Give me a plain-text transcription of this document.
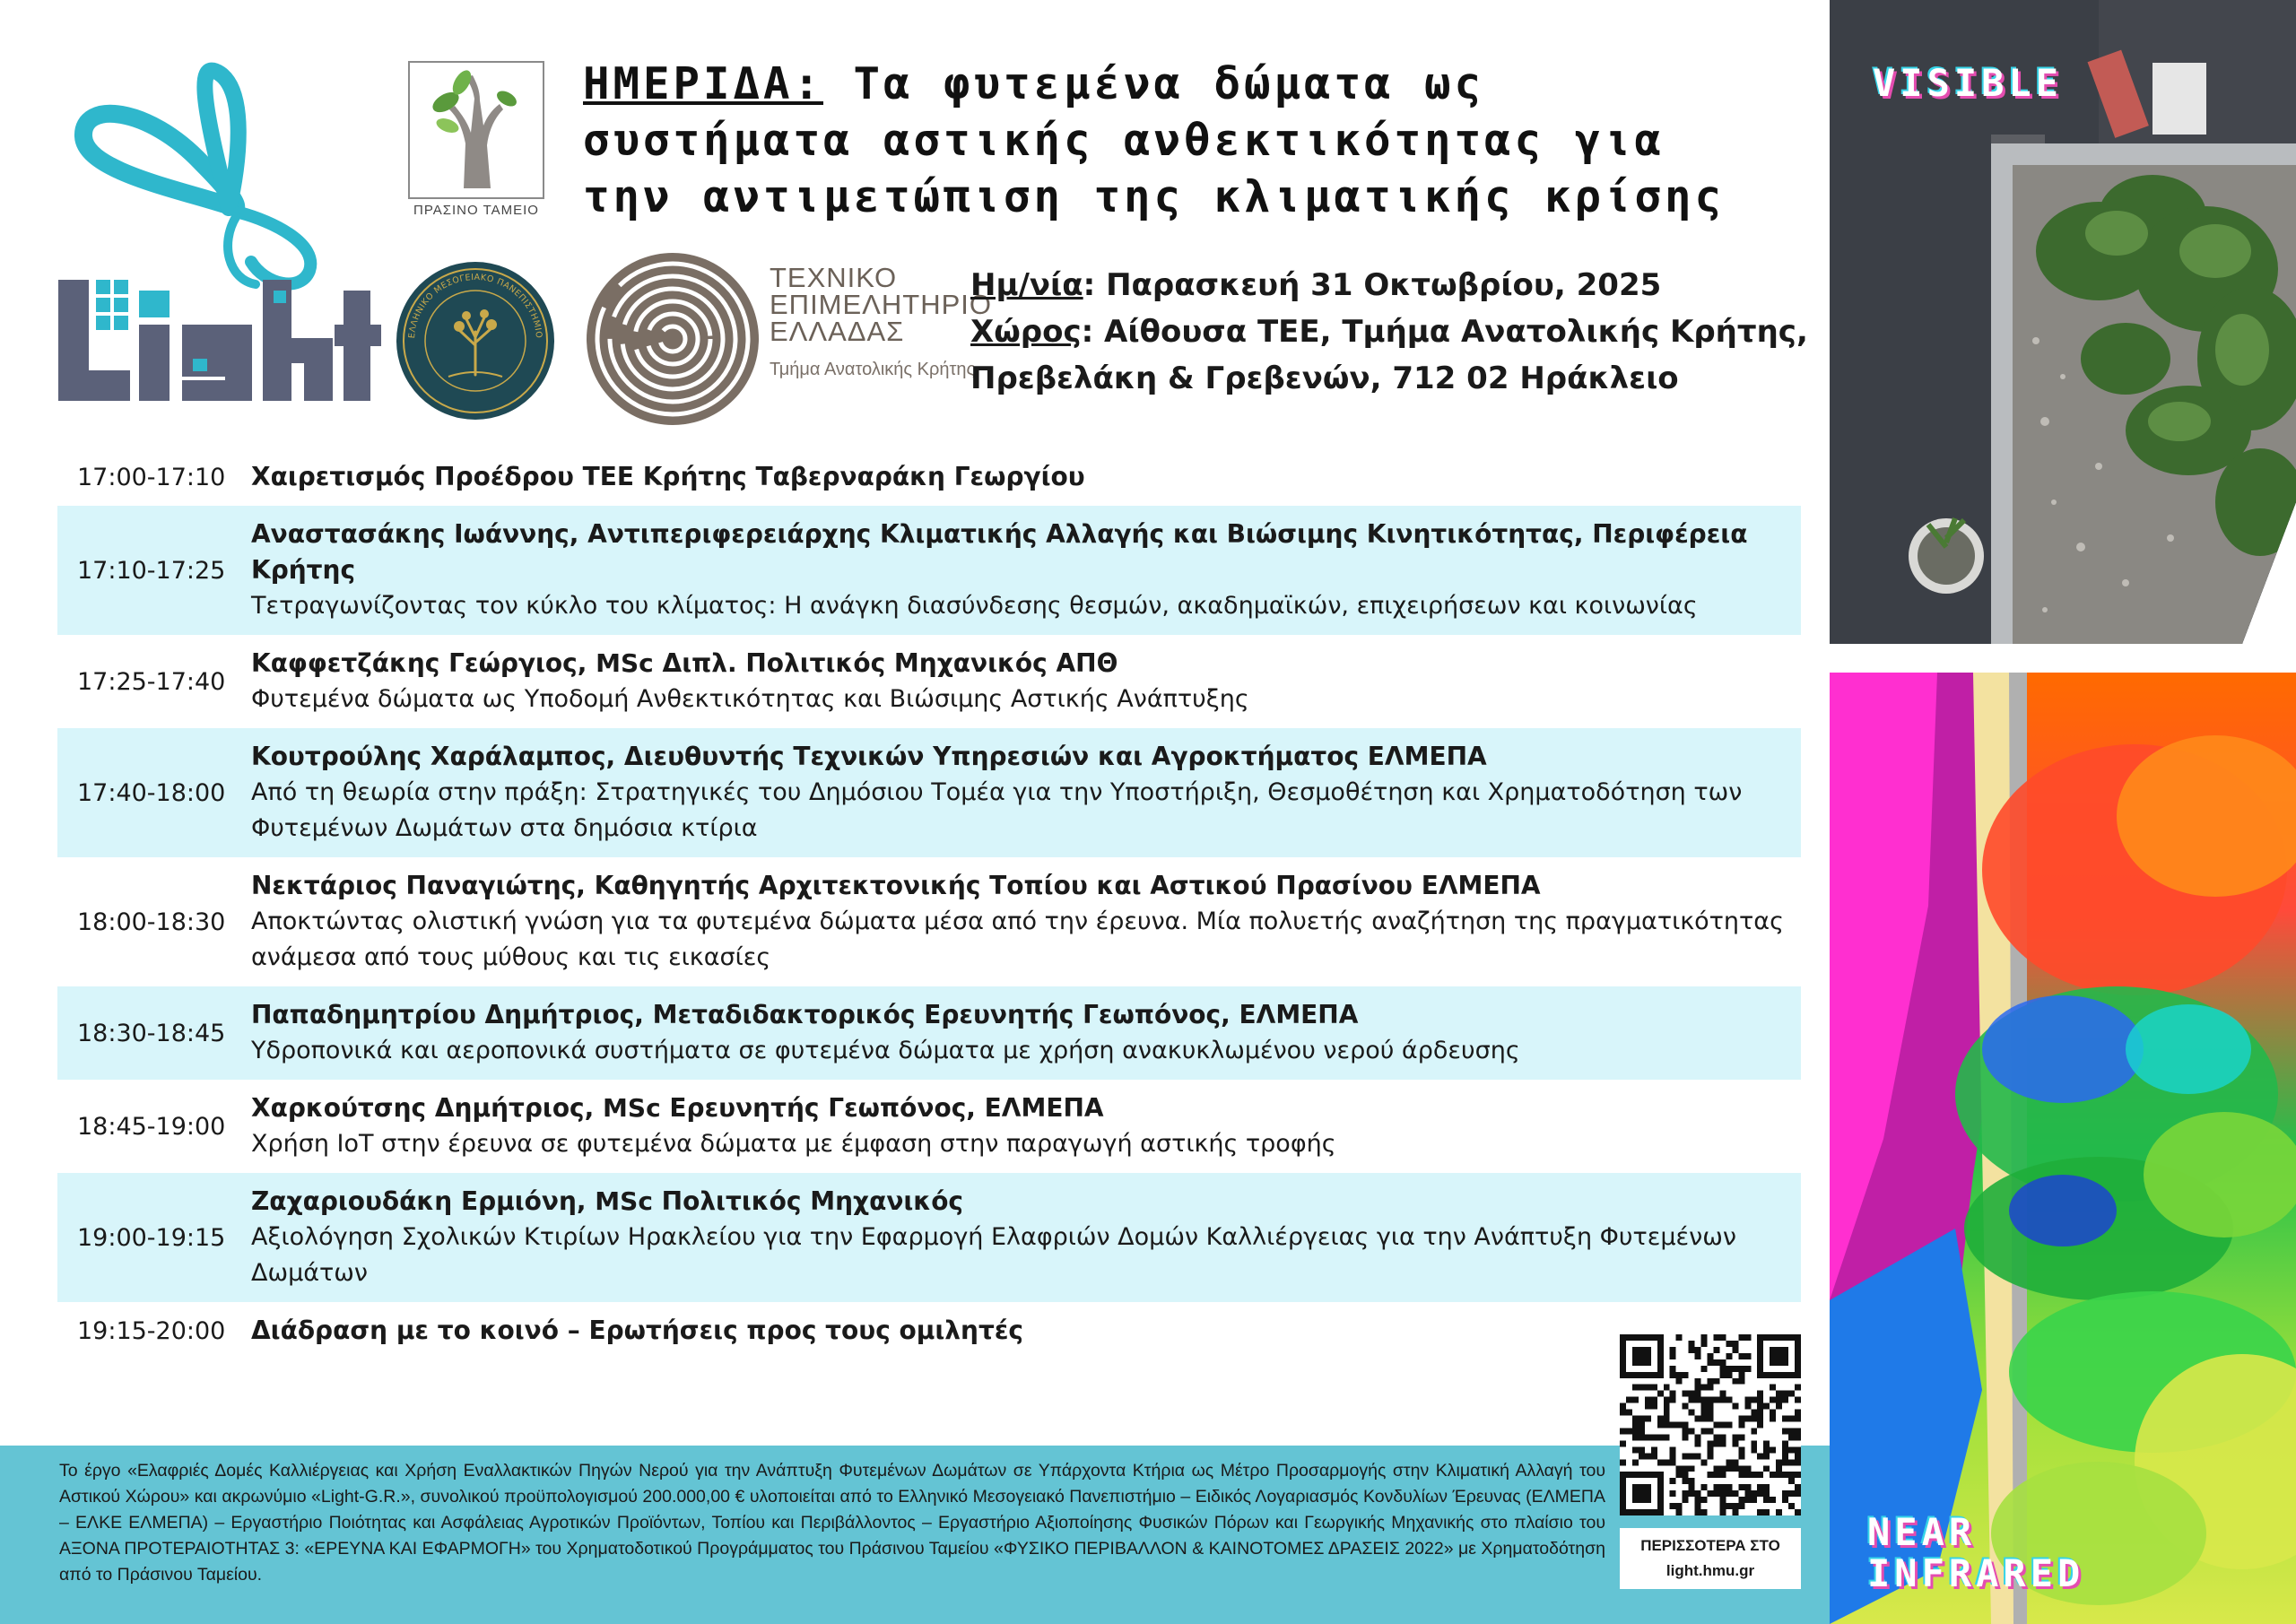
ΠΡΑΣΙΝΟ ΤΑΜΕΙΟ
ΕΛΛΗΝΙΚΟ ΜΕΣΟΓΕΙΑΚΟ ΠΑΝΕΠΙΣΤΗΜΙΟ
ΤΕΧΝΙΚΟ
ΕΠΙΜΕΛΗΤΗΡΙΟ
ΕΛΛΑΔΑΣ
Τμήμα Ανατολικής Κρήτης
ΗΜΕΡΙΔΑ: Τα φυτεμένα δώματα ως
συστήματα αστικής ανθεκτικότητας για
την αντιμετώπιση της κλιματικής κρίσης
Ημ/νία: Παρασκευή 31 Οκτωβρίου, 2025
Χώρος: Αίθουσα ΤΕΕ, Τμήμα Ανατολικής Κρήτης,
Πρεβελάκη & Γρεβενών, 712 02 Ηράκλειο
17:00-17:10	Χαιρετισμός Προέδρου ΤΕΕ Κρήτης Ταβερναράκη Γεωργίου
17:10-17:25
Αναστασάκης Ιωάννης, Αντιπεριφερειάρχης Κλιματικής Αλλαγής και Βιώσιμης Κινητικότητας, Περιφέρεια Κρήτης
Τετραγωνίζοντας τον κύκλο του κλίματος: Η ανάγκη διασύνδεσης θεσμών, ακαδημαϊκών, επιχειρήσεων και κοινωνίας
17:25-17:40
Καφφετζάκης Γεώργιος, MSc Διπλ. Πολιτικός Μηχανικός ΑΠΘ
Φυτεμένα δώματα ως Υποδομή Ανθεκτικότητας και Βιώσιμης Αστικής Ανάπτυξης
17:40-18:00
Κουτρούλης Χαράλαμπος, Διευθυντής Τεχνικών Υπηρεσιών και Αγροκτήματος ΕΛΜΕΠΑ
Από τη θεωρία στην πράξη: Στρατηγικές του Δημόσιου Τομέα για την Υποστήριξη, Θεσμοθέτηση και Χρηματοδότηση των Φυτεμένων Δωμάτων στα δημόσια κτίρια
18:00-18:30
Νεκτάριος Παναγιώτης, Καθηγητής Αρχιτεκτονικής Τοπίου και Αστικού Πρασίνου ΕΛΜΕΠΑ
Αποκτώντας ολιστική γνώση για τα φυτεμένα δώματα μέσα από την έρευνα. Μία πολυετής αναζήτηση της πραγματικότητας ανάμεσα από τους μύθους και τις εικασίες
18:30-18:45
Παπαδημητρίου Δημήτριος, Μεταδιδακτορικός Ερευνητής Γεωπόνος, ΕΛΜΕΠΑ
Υδροπονικά και αεροπονικά συστήματα σε φυτεμένα δώματα με χρήση ανακυκλωμένου νερού άρδευσης
18:45-19:00
Χαρκούτσης Δημήτριος, MSc Ερευνητής Γεωπόνος, ΕΛΜΕΠΑ
Χρήση IoT στην έρευνα σε φυτεμένα δώματα με έμφαση στην παραγωγή αστικής τροφής
19:00-19:15
Ζαχαριουδάκη Ερμιόνη, MSc Πολιτικός Μηχανικός
Αξιολόγηση Σχολικών Κτιρίων Ηρακλείου για την Εφαρμογή Ελαφριών Δομών Καλλιέργειας για την Ανάπτυξη Φυτεμένων Δωμάτων
19:15-20:00	Διάδραση με το κοινό – Ερωτήσεις προς τους ομιλητές
Το έργο «Ελαφριές Δομές Καλλιέργειας και Χρήση Εναλλακτικών Πηγών Νερού για την Ανάπτυξη Φυτεμένων Δωμάτων σε Υπάρχοντα Κτήρια ως Μέτρο Προσαρμογής στην Κλιματική Αλλαγή του Αστικού Χώρου» και ακρωνύμιο «Light-G.R.», συνολικού προϋπολογισμού 200.000,00 € υλοποιείται από το Ελληνικό Μεσογειακό Πανεπιστήμιο – Ειδικός Λογαριασμός Κονδυλίων Έρευνας (ΕΛΜΕΠΑ – ΕΛΚΕ ΕΛΜΕΠΑ) – Εργαστήριο Ποιότητας και Ασφάλειας Αγροτικών Προϊόντων, Τοπίου και Περιβάλλοντος – Εργαστήριο Αξιοποίησης Φυσικών Πόρων και Γεωργικής Μηχανικής στο πλαίσιο του ΑΞΟΝΑ ΠΡΟΤΕΡΑΙΟΤΗΤΑΣ 3: «ΕΡΕΥΝΑ ΚΑΙ ΕΦΑΡΜΟΓΗ» του Χρηματοδοτικού Προγράμματος του Πράσινου Ταμείου «ΦΥΣΙΚΟ ΠΕΡΙΒΑΛΛΟΝ & ΚΑΙΝΟΤΟΜΕΣ ΔΡΑΣΕΙΣ 2022» με Χρηματοδότηση από το Πράσινου Ταμείου.
ΠΕΡΙΣΣΟΤΕΡΑ ΣΤΟ
light.hmu.gr
VISIBLE
NEAR
INFRARED
